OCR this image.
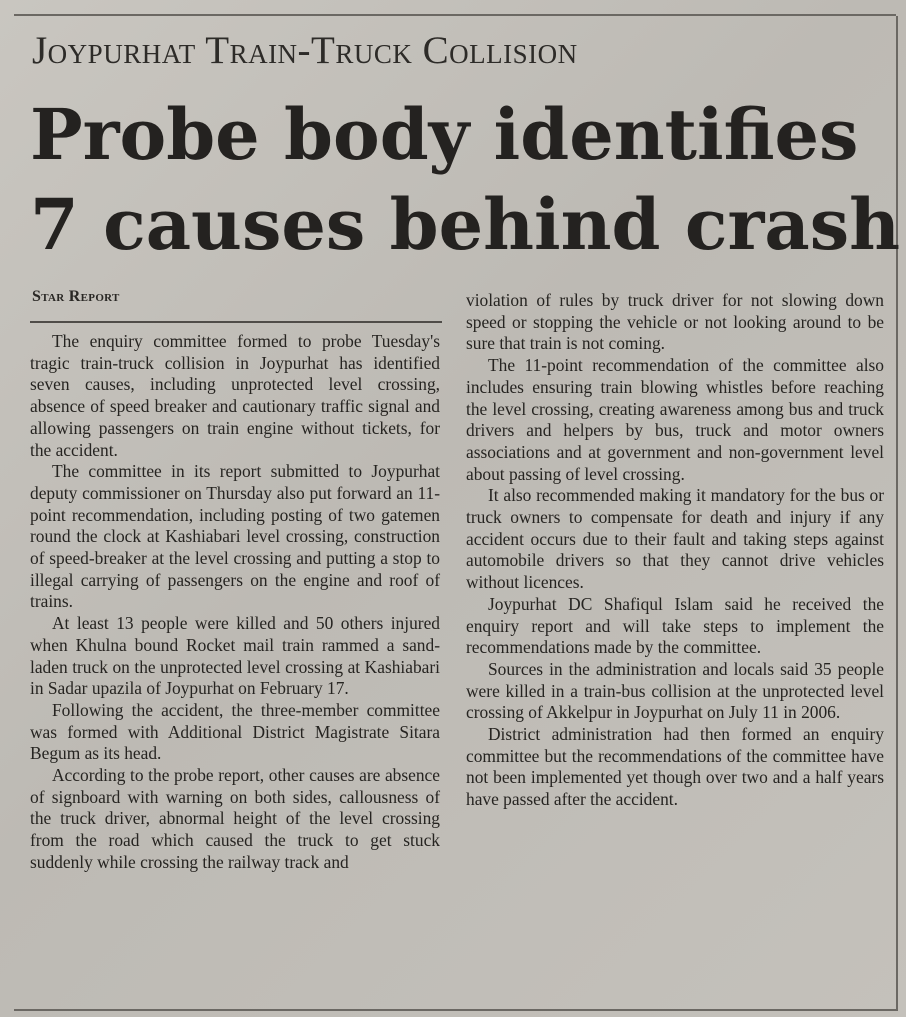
Joypurhat Train-Truck Collision
Probe body identifies 7 causes behind crash
Star Report

The enquiry committee formed to probe Tuesday's tragic train-truck collision in Joypurhat has identified seven causes, including unprotected level crossing, absence of speed breaker and cautionary traffic signal and allowing passengers on train engine without tickets, for the accident.

The committee in its report submitted to Joypurhat deputy commissioner on Thursday also put forward an 11-point recommendation, including posting of two gatemen round the clock at Kashiabari level crossing, construction of speed-breaker at the level crossing and putting a stop to illegal carrying of passengers on the engine and roof of trains.

At least 13 people were killed and 50 others injured when Khulna bound Rocket mail train rammed a sand-laden truck on the unprotected level crossing at Kashiabari in Sadar upazila of Joypurhat on February 17.

Following the accident, the three-member committee was formed with Additional District Magistrate Sitara Begum as its head.

According to the probe report, other causes are absence of signboard with warning on both sides, callousness of the truck driver, abnormal height of the level crossing from the road which caused the truck to get stuck suddenly while crossing the railway track and

violation of rules by truck driver for not slowing down speed or stopping the vehicle or not looking around to be sure that train is not coming.

The 11-point recommendation of the committee also includes ensuring train blowing whistles before reaching the level crossing, creating awareness among bus and truck drivers and helpers by bus, truck and motor owners associations and at government and non-government level about passing of level crossing.

It also recommended making it mandatory for the bus or truck owners to compensate for death and injury if any accident occurs due to their fault and taking steps against automobile drivers so that they cannot drive vehicles without licences.

Joypurhat DC Shafiqul Islam said he received the enquiry report and will take steps to implement the recommendations made by the committee.

Sources in the administration and locals said 35 people were killed in a train-bus collision at the unprotected level crossing of Akkelpur in Joypurhat on July 11 in 2006.

District administration had then formed an enquiry committee but the recommendations of the committee have not been implemented yet though over two and a half years have passed after the accident.
